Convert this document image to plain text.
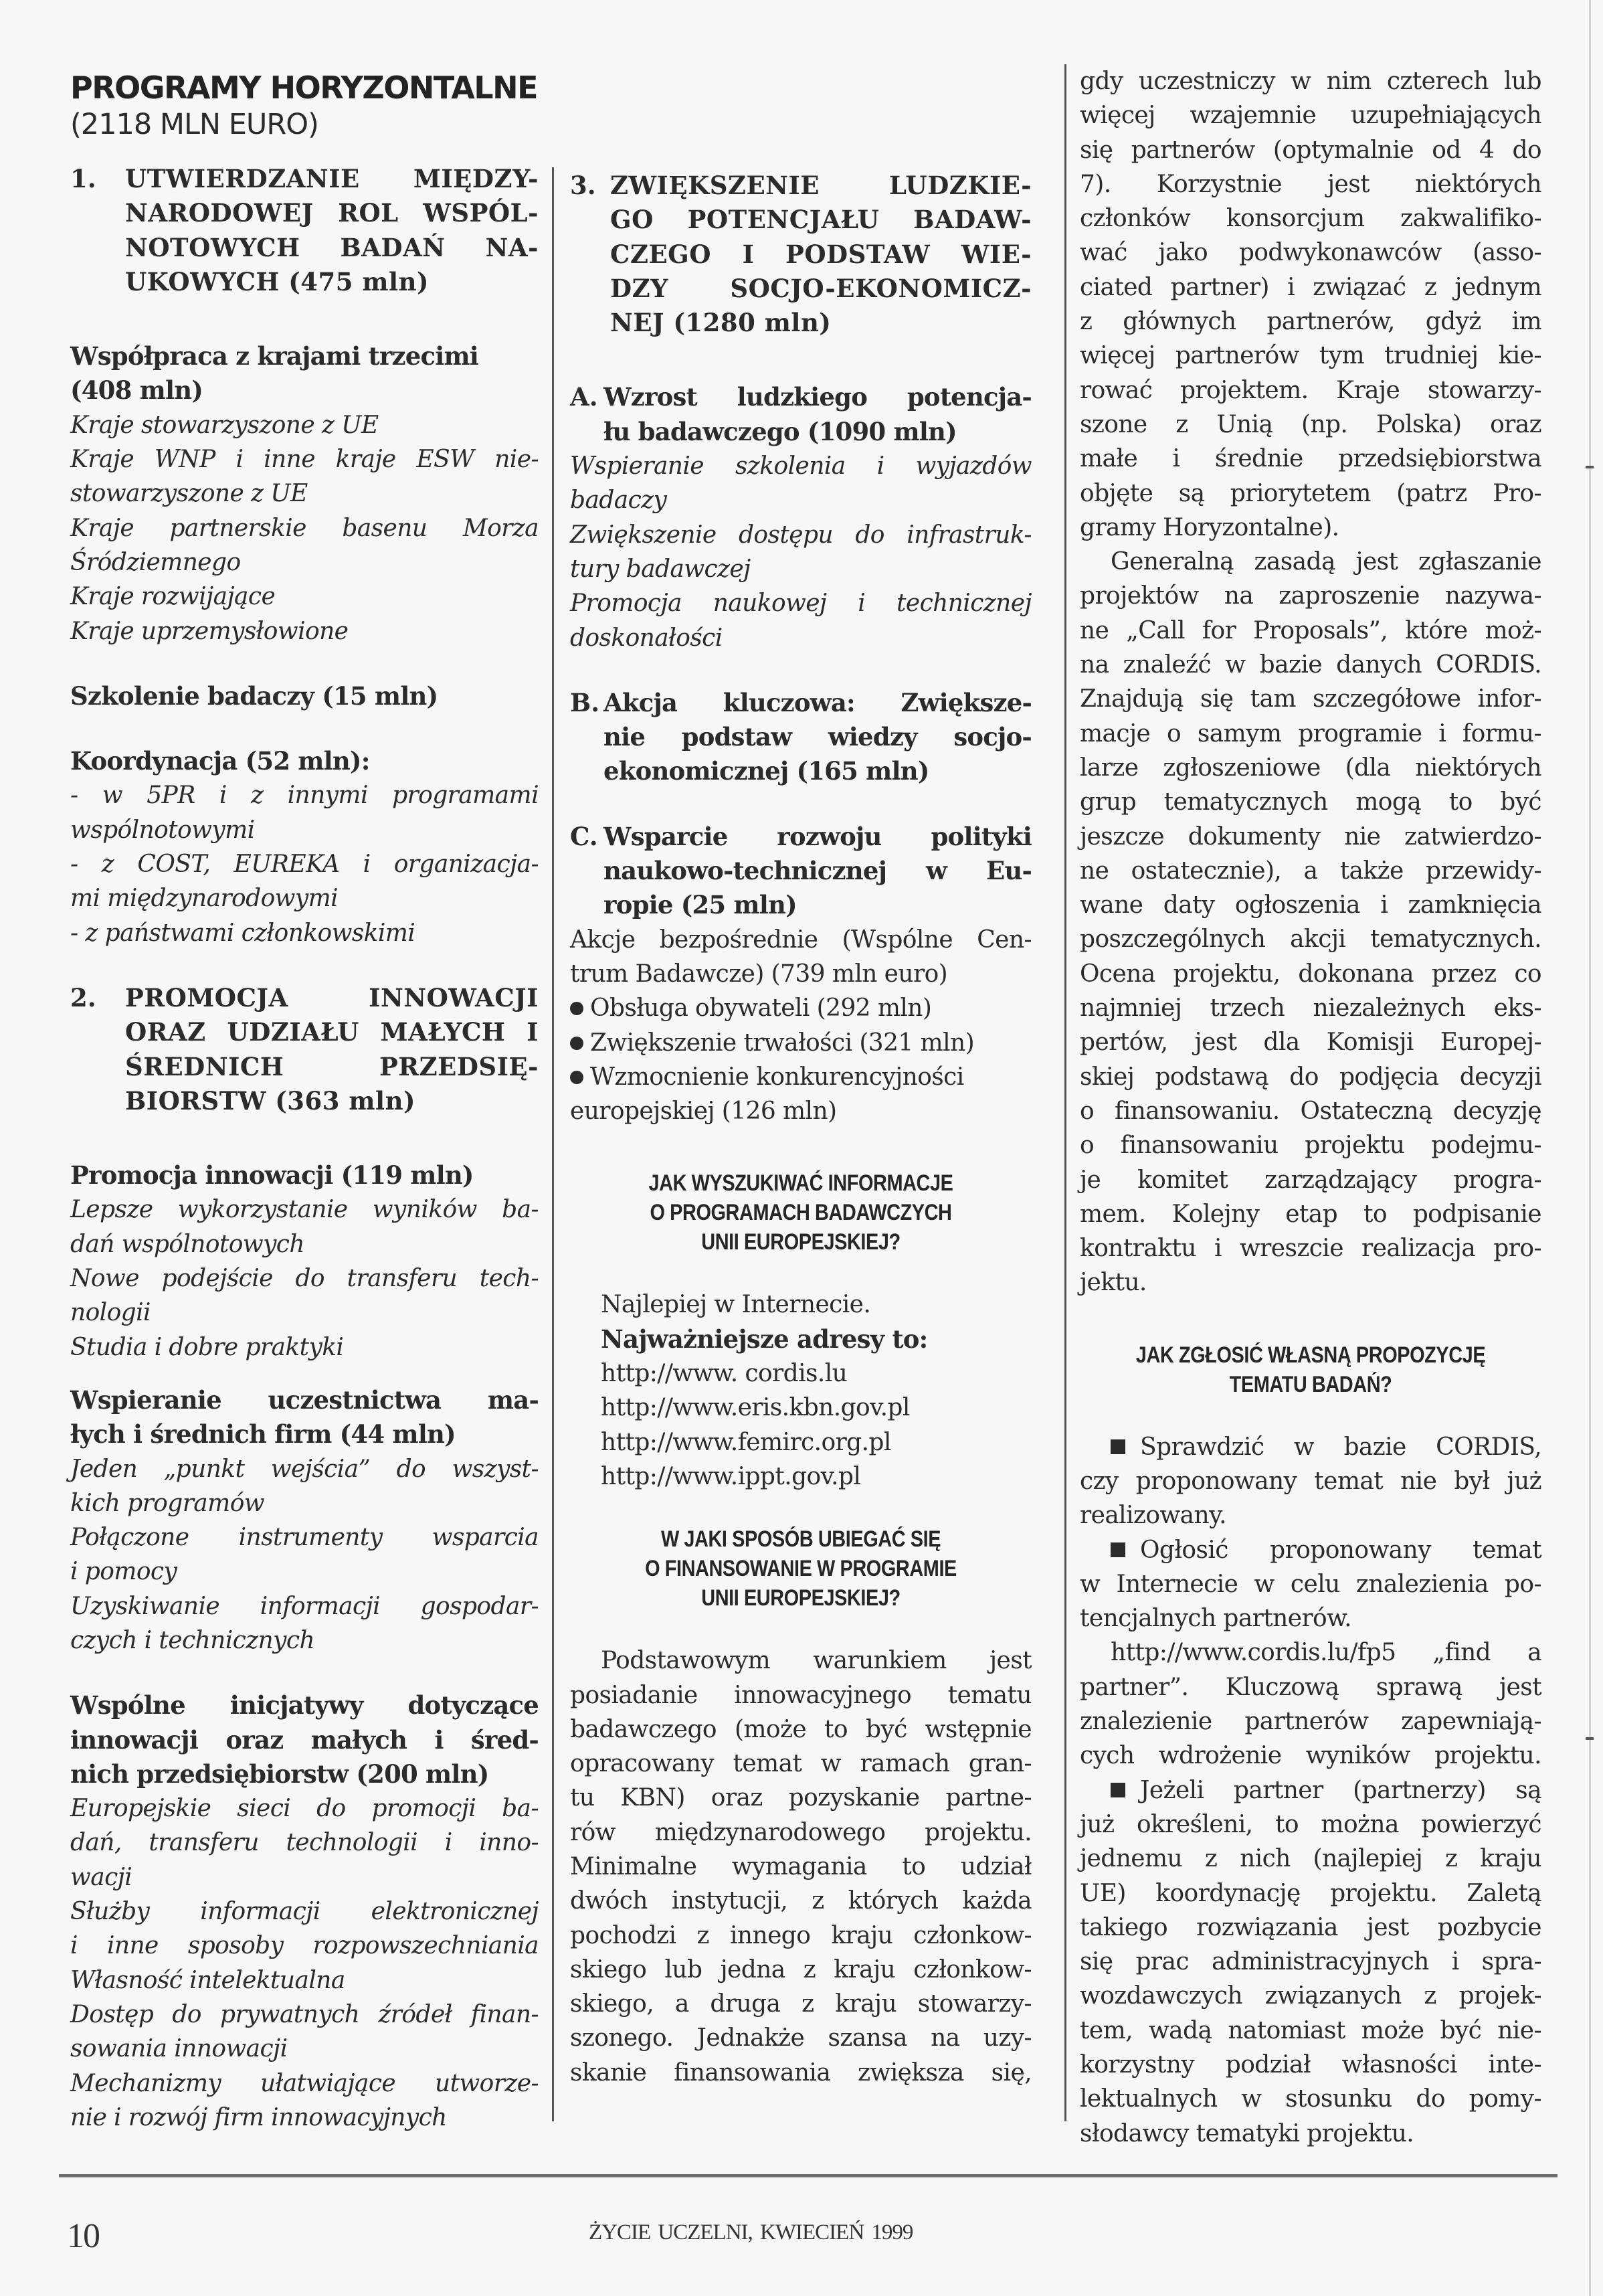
PROGRAMY HORYZONTALNE

(2118 MLN EURO)

1.	UTWIERDZANIE MIĘDZY-
NARODOWEJ ROL WSPÓL-
NOTOWYCH BADAŃ NA-
UKOWYCH (475 mln)
Współpraca z krajami trzecimi
(408 mln)
Kraje stowarzyszone z UE
Kraje WNP i inne kraje ESW nie-
stowarzyszone z UE
Kraje partnerskie basenu Morza
Śródziemnego
Kraje rozwijające
Kraje uprzemysłowione
Szkolenie badaczy (15 mln)
Koordynacja (52 mln):
- w 5PR i z innymi programami
wspólnotowymi
- z COST, EUREKA i organizacja-
mi międzynarodowymi
- z państwami członkowskimi
2.	PROMOCJA INNOWACJI
ORAZ UDZIAŁU MAŁYCH I
ŚREDNICH PRZEDSIĘ-
BIORSTW (363 mln)
Promocja innowacji (119 mln)
Lepsze wykorzystanie wyników ba-
dań wspólnotowych
Nowe podejście do transferu tech-
nologii
Studia i dobre praktyki
Wspieranie uczestnictwa ma-
łych i średnich firm (44 mln)
Jeden „punkt wejścia” do wszyst-
kich programów
Połączone instrumenty wsparcia
i pomocy
Uzyskiwanie informacji gospodar-
czych i technicznych
Wspólne inicjatywy dotyczące
innowacji oraz małych i śred-
nich przedsiębiorstw (200 mln)
Europejskie sieci do promocji ba-
dań, transferu technologii i inno-
wacji
Służby informacji elektronicznej
i inne sposoby rozpowszechniania
Własność intelektualna
Dostęp do prywatnych źródeł finan-
sowania innowacji
Mechanizmy ułatwiające utworze-
nie i rozwój firm innowacyjnych
3. ZWIĘKSZENIE LUDZKIE-
GO POTENCJAŁU BADAW-
CZEGO I PODSTAW WIE-
DZY SOCJO-EKONOMICZ-
NEJ (1280 mln)
A. Wzrost ludzkiego potencja-
łu badawczego (1090 mln)
Wspieranie szkolenia i wyjazdów
badaczy
Zwiększenie dostępu do infrastruk-
tury badawczej
Promocja naukowej i technicznej
doskonałości
B. Akcja kluczowa: Zwiększe-
nie podstaw wiedzy socjo-
ekonomicznej (165 mln)
C. Wsparcie rozwoju polityki
naukowo-technicznej w Eu-
ropie (25 mln)
Akcje bezpośrednie (Wspólne Cen-
trum Badawcze) (739 mln euro)
Obsługa obywateli (292 mln)
Zwiększenie trwałości (321 mln)
Wzmocnienie konkurencyjności
europejskiej (126 mln)
JAK WYSZUKIWAĆ INFORMACJE
O PROGRAMACH BADAWCZYCH
UNII EUROPEJSKIEJ?
Najlepiej w Internecie.
Najważniejsze adresy to:
http://www. cordis.lu
http://www.eris.kbn.gov.pl
http://www.femirc.org.pl
http://www.ippt.gov.pl
W JAKI SPOSÓB UBIEGAĆ SIĘ
O FINANSOWANIE W PROGRAMIE
UNII EUROPEJSKIEJ?
Podstawowym warunkiem jest
posiadanie innowacyjnego tematu
badawczego (może to być wstępnie
opracowany temat w ramach gran-
tu KBN) oraz pozyskanie partne-
rów międzynarodowego projektu.
Minimalne wymagania to udział
dwóch instytucji, z których każda
pochodzi z innego kraju członkow-
skiego lub jedna z kraju członkow-
skiego, a druga z kraju stowarzy-
szonego. Jednakże szansa na uzy-
skanie finansowania zwiększa się,
gdy uczestniczy w nim czterech lub
więcej wzajemnie uzupełniających
się partnerów (optymalnie od 4 do
7). Korzystnie jest niektórych
członków konsorcjum zakwalifiko-
wać jako podwykonawców (asso-
ciated partner) i związać z jednym
z głównych partnerów, gdyż im
więcej partnerów tym trudniej kie-
rować projektem. Kraje stowarzy-
szone z Unią (np. Polska) oraz
małe i średnie przedsiębiorstwa
objęte są priorytetem (patrz Pro-
gramy Horyzontalne).
Generalną zasadą jest zgłaszanie
projektów na zaproszenie nazywa-
ne „Call for Proposals”, które moż-
na znaleźć w bazie danych CORDIS.
Znajdują się tam szczegółowe infor-
macje o samym programie i formu-
larze zgłoszeniowe (dla niektórych
grup tematycznych mogą to być
jeszcze dokumenty nie zatwierdzo-
ne ostatecznie), a także przewidy-
wane daty ogłoszenia i zamknięcia
poszczególnych akcji tematycznych.
Ocena projektu, dokonana przez co
najmniej trzech niezależnych eks-
pertów, jest dla Komisji Europej-
skiej podstawą do podjęcia decyzji
o finansowaniu. Ostateczną decyzję
o finansowaniu projektu podejmu-
je komitet zarządzający progra-
mem. Kolejny etap to podpisanie
kontraktu i wreszcie realizacja pro-
jektu.
JAK ZGŁOSIĆ WŁASNĄ PROPOZYCJĘ
TEMATU BADAŃ?
Sprawdzić w bazie CORDIS,
czy proponowany temat nie był już
realizowany.
Ogłosić proponowany temat
w Internecie w celu znalezienia po-
tencjalnych partnerów.
http://www.cordis.lu/fp5 „find a
partner”. Kluczową sprawą jest
znalezienie partnerów zapewniają-
cych wdrożenie wyników projektu.
Jeżeli partner (partnerzy) są
już określeni, to można powierzyć
jednemu z nich (najlepiej z kraju
UE) koordynację projektu. Zaletą
takiego rozwiązania jest pozbycie
się prac administracyjnych i spra-
wozdawczych związanych z projek-
tem, wadą natomiast może być nie-
korzystny podział własności inte-
lektualnych w stosunku do pomy-
słodawcy tematyki projektu.
10	ŻYCIE UCZELNI, KWIECIEŃ 1999
